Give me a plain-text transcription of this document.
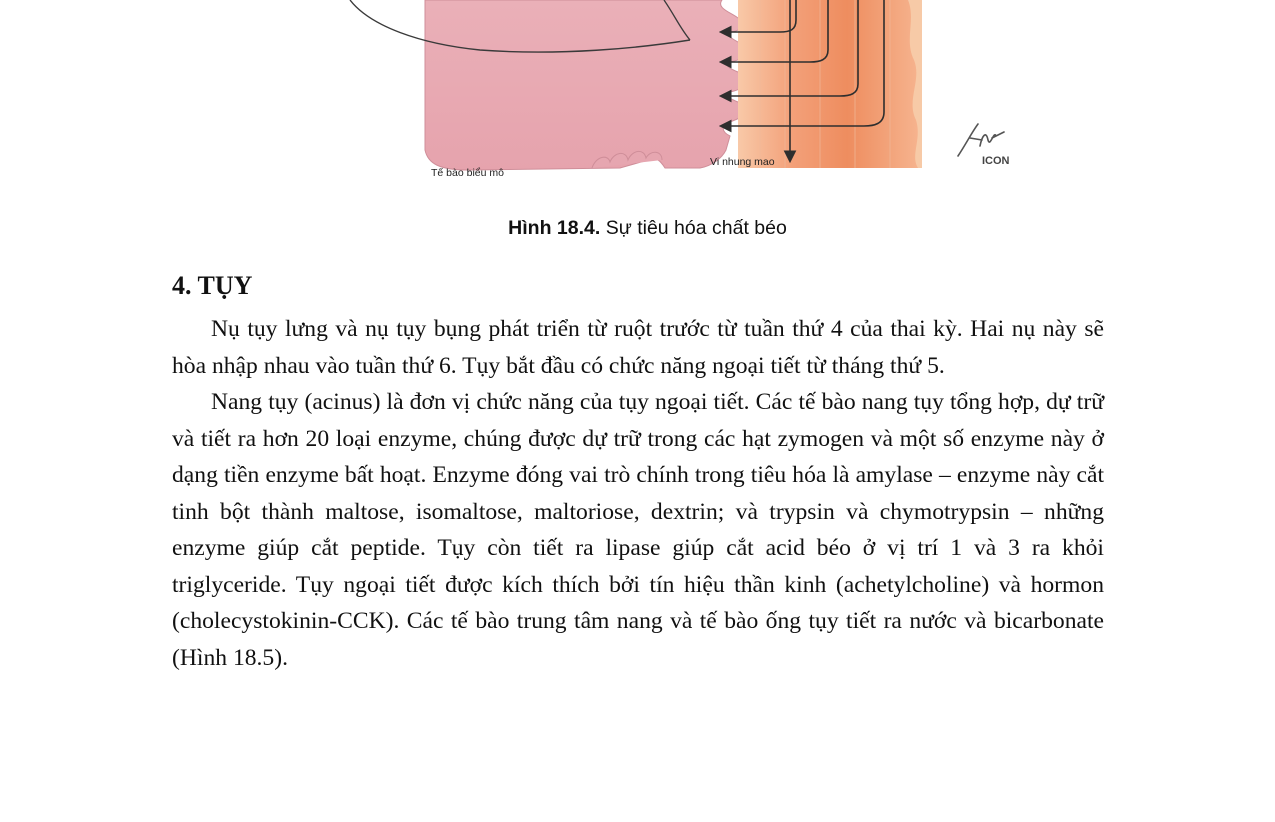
Tế bào biểu mô
Vi nhung mao	ICON
Hình 18.4. Sự tiêu hóa chất béo
4. TỤY

Nụ tụy lưng và nụ tụy bụng phát triển từ ruột trước từ tuần thứ 4 của thai kỳ. Hai nụ này sẽ hòa nhập nhau vào tuần thứ 6. Tụy bắt đầu có chức năng ngoại tiết từ tháng thứ 5.

Nang tụy (acinus) là đơn vị chức năng của tụy ngoại tiết. Các tế bào nang tụy tổng hợp, dự trữ và tiết ra hơn 20 loại enzyme, chúng được dự trữ trong các hạt zymogen và một số enzyme này ở dạng tiền enzyme bất hoạt. Enzyme đóng vai trò chính trong tiêu hóa là amylase – enzyme này cắt tinh bột thành maltose, isomaltose, maltoriose, dextrin; và trypsin và chymotrypsin – những enzyme giúp cắt peptide. Tụy còn tiết ra lipase giúp cắt acid béo ở vị trí 1 và 3 ra khỏi triglyceride. Tụy ngoại tiết được kích thích bởi tín hiệu thần kinh (achetylcholine) và hormon (cholecystokinin-CCK). Các tế bào trung tâm nang và tế bào ống tụy tiết ra nước và bicarbonate (Hình 18.5).
